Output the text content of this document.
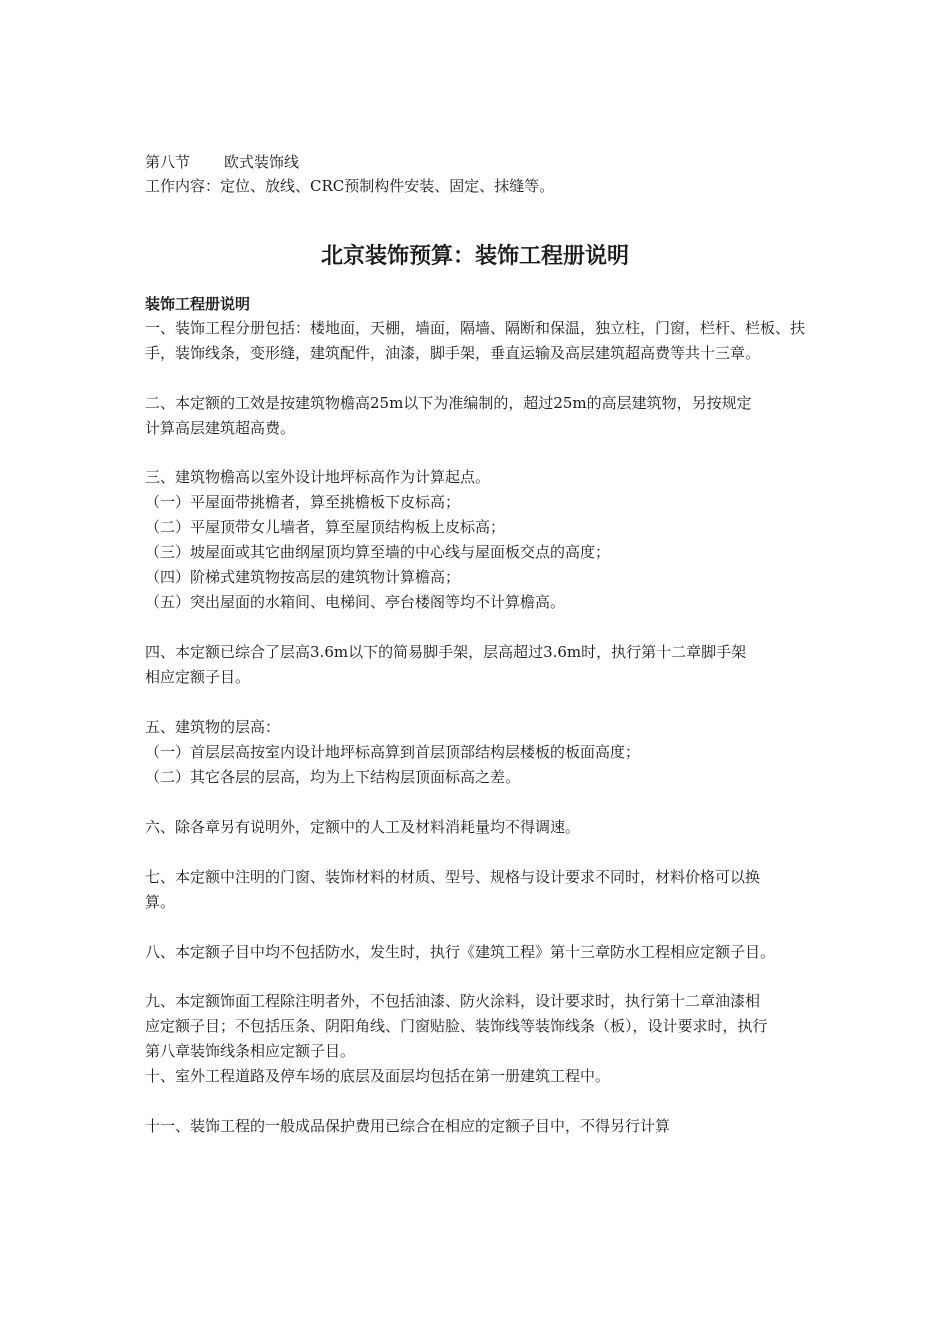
第八节 欧式装饰线
工作内容：定位、放线、CRC预制构件安装、固定、抹缝等。
北京装饰预算：装饰工程册说明
装饰工程册说明
一、装饰工程分册包括：楼地面，天棚，墙面，隔墙、隔断和保温，独立柱，门窗，栏杆、栏板、扶
手，装饰线条，变形缝，建筑配件，油漆，脚手架，垂直运输及高层建筑超高费等共十三章。
二、本定额的工效是按建筑物檐高25m以下为准编制的，超过25m的高层建筑物，另按规定
计算高层建筑超高费。
三、建筑物檐高以室外设计地坪标高作为计算起点。
（一）平屋面带挑檐者，算至挑檐板下皮标高；
（二）平屋顶带女儿墙者，算至屋顶结构板上皮标高；
（三）坡屋面或其它曲纲屋顶均算至墙的中心线与屋面板交点的高度；
（四）阶梯式建筑物按高层的建筑物计算檐高；
（五）突出屋面的水箱间、电梯间、亭台楼阁等均不计算檐高。
四、本定额已综合了层高3.6m以下的简易脚手架，层高超过3.6m时，执行第十二章脚手架
相应定额子目。
五、建筑物的层高：
（一）首层层高按室内设计地坪标高算到首层顶部结构层楼板的板面高度；
（二）其它各层的层高，均为上下结构层顶面标高之差。
六、除各章另有说明外，定额中的人工及材料消耗量均不得调速。
七、本定额中注明的门窗、装饰材料的材质、型号、规格与设计要求不同时，材料价格可以换
算。
八、本定额子目中均不包括防水，发生时，执行《建筑工程》第十三章防水工程相应定额子目。
九、本定额饰面工程除注明者外，不包括油漆、防火涂料，设计要求时，执行第十二章油漆相
应定额子目；不包括压条、阴阳角线、门窗贴脸、装饰线等装饰线条（板），设计要求时，执行
第八章装饰线条相应定额子目。
十、室外工程道路及停车场的底层及面层均包括在第一册建筑工程中。
十一、装饰工程的一般成品保护费用已综合在相应的定额子目中，不得另行计算
